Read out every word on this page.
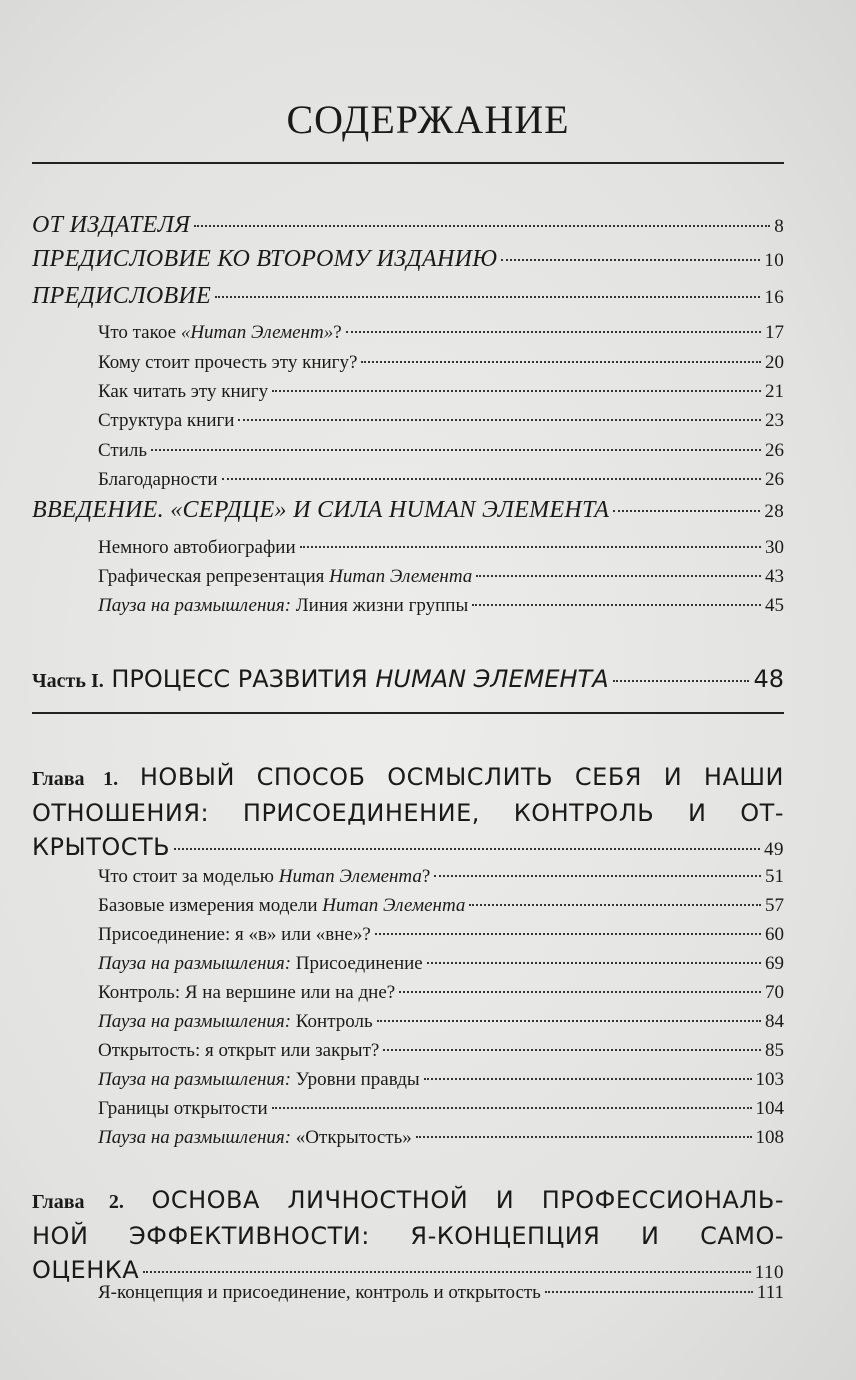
СОДЕРЖАНИЕ
ОТ ИЗДАТЕЛЯ	8
ПРЕДИСЛОВИЕ КО ВТОРОМУ ИЗДАНИЮ	10
ПРЕДИСЛОВИЕ	16
Что такое «Human Элемент»?	17
Кому стоит прочесть эту книгу?	20
Как читать эту книгу	21
Структура книги	23
Стиль	26
Благодарности	26
ВВЕДЕНИЕ. «СЕРДЦЕ» И СИЛА HUMAN ЭЛЕМЕНТА	28
Немного автобиографии	30
Графическая репрезентация Human Элемента	43
Пауза на размышления: Линия жизни группы	45
Часть I. ПРОЦЕСС РАЗВИТИЯ HUMAN ЭЛЕМЕНТА	48
Глава 1. НОВЫЙ СПОСОБ ОСМЫСЛИТЬ СЕБЯ И НАШИ
ОТНОШЕНИЯ: ПРИСОЕДИНЕНИЕ, КОНТРОЛЬ И ОТ-
КРЫТОСТЬ	49
Что стоит за моделью Human Элемента?	51
Базовые измерения модели Human Элемента	57
Присоединение: я «в» или «вне»?	60
Пауза на размышления: Присоединение	69
Контроль: Я на вершине или на дне?	70
Пауза на размышления: Контроль	84
Открытость: я открыт или закрыт?	85
Пауза на размышления: Уровни правды	103
Границы открытости	104
Пауза на размышления: «Открытость»	108
Глава 2. ОСНОВА ЛИЧНОСТНОЙ И ПРОФЕССИОНАЛЬ-
НОЙ ЭФФЕКТИВНОСТИ: Я-КОНЦЕПЦИЯ И САМО-
ОЦЕНКА	110
Я-концепция и присоединение, контроль и открытость	111
